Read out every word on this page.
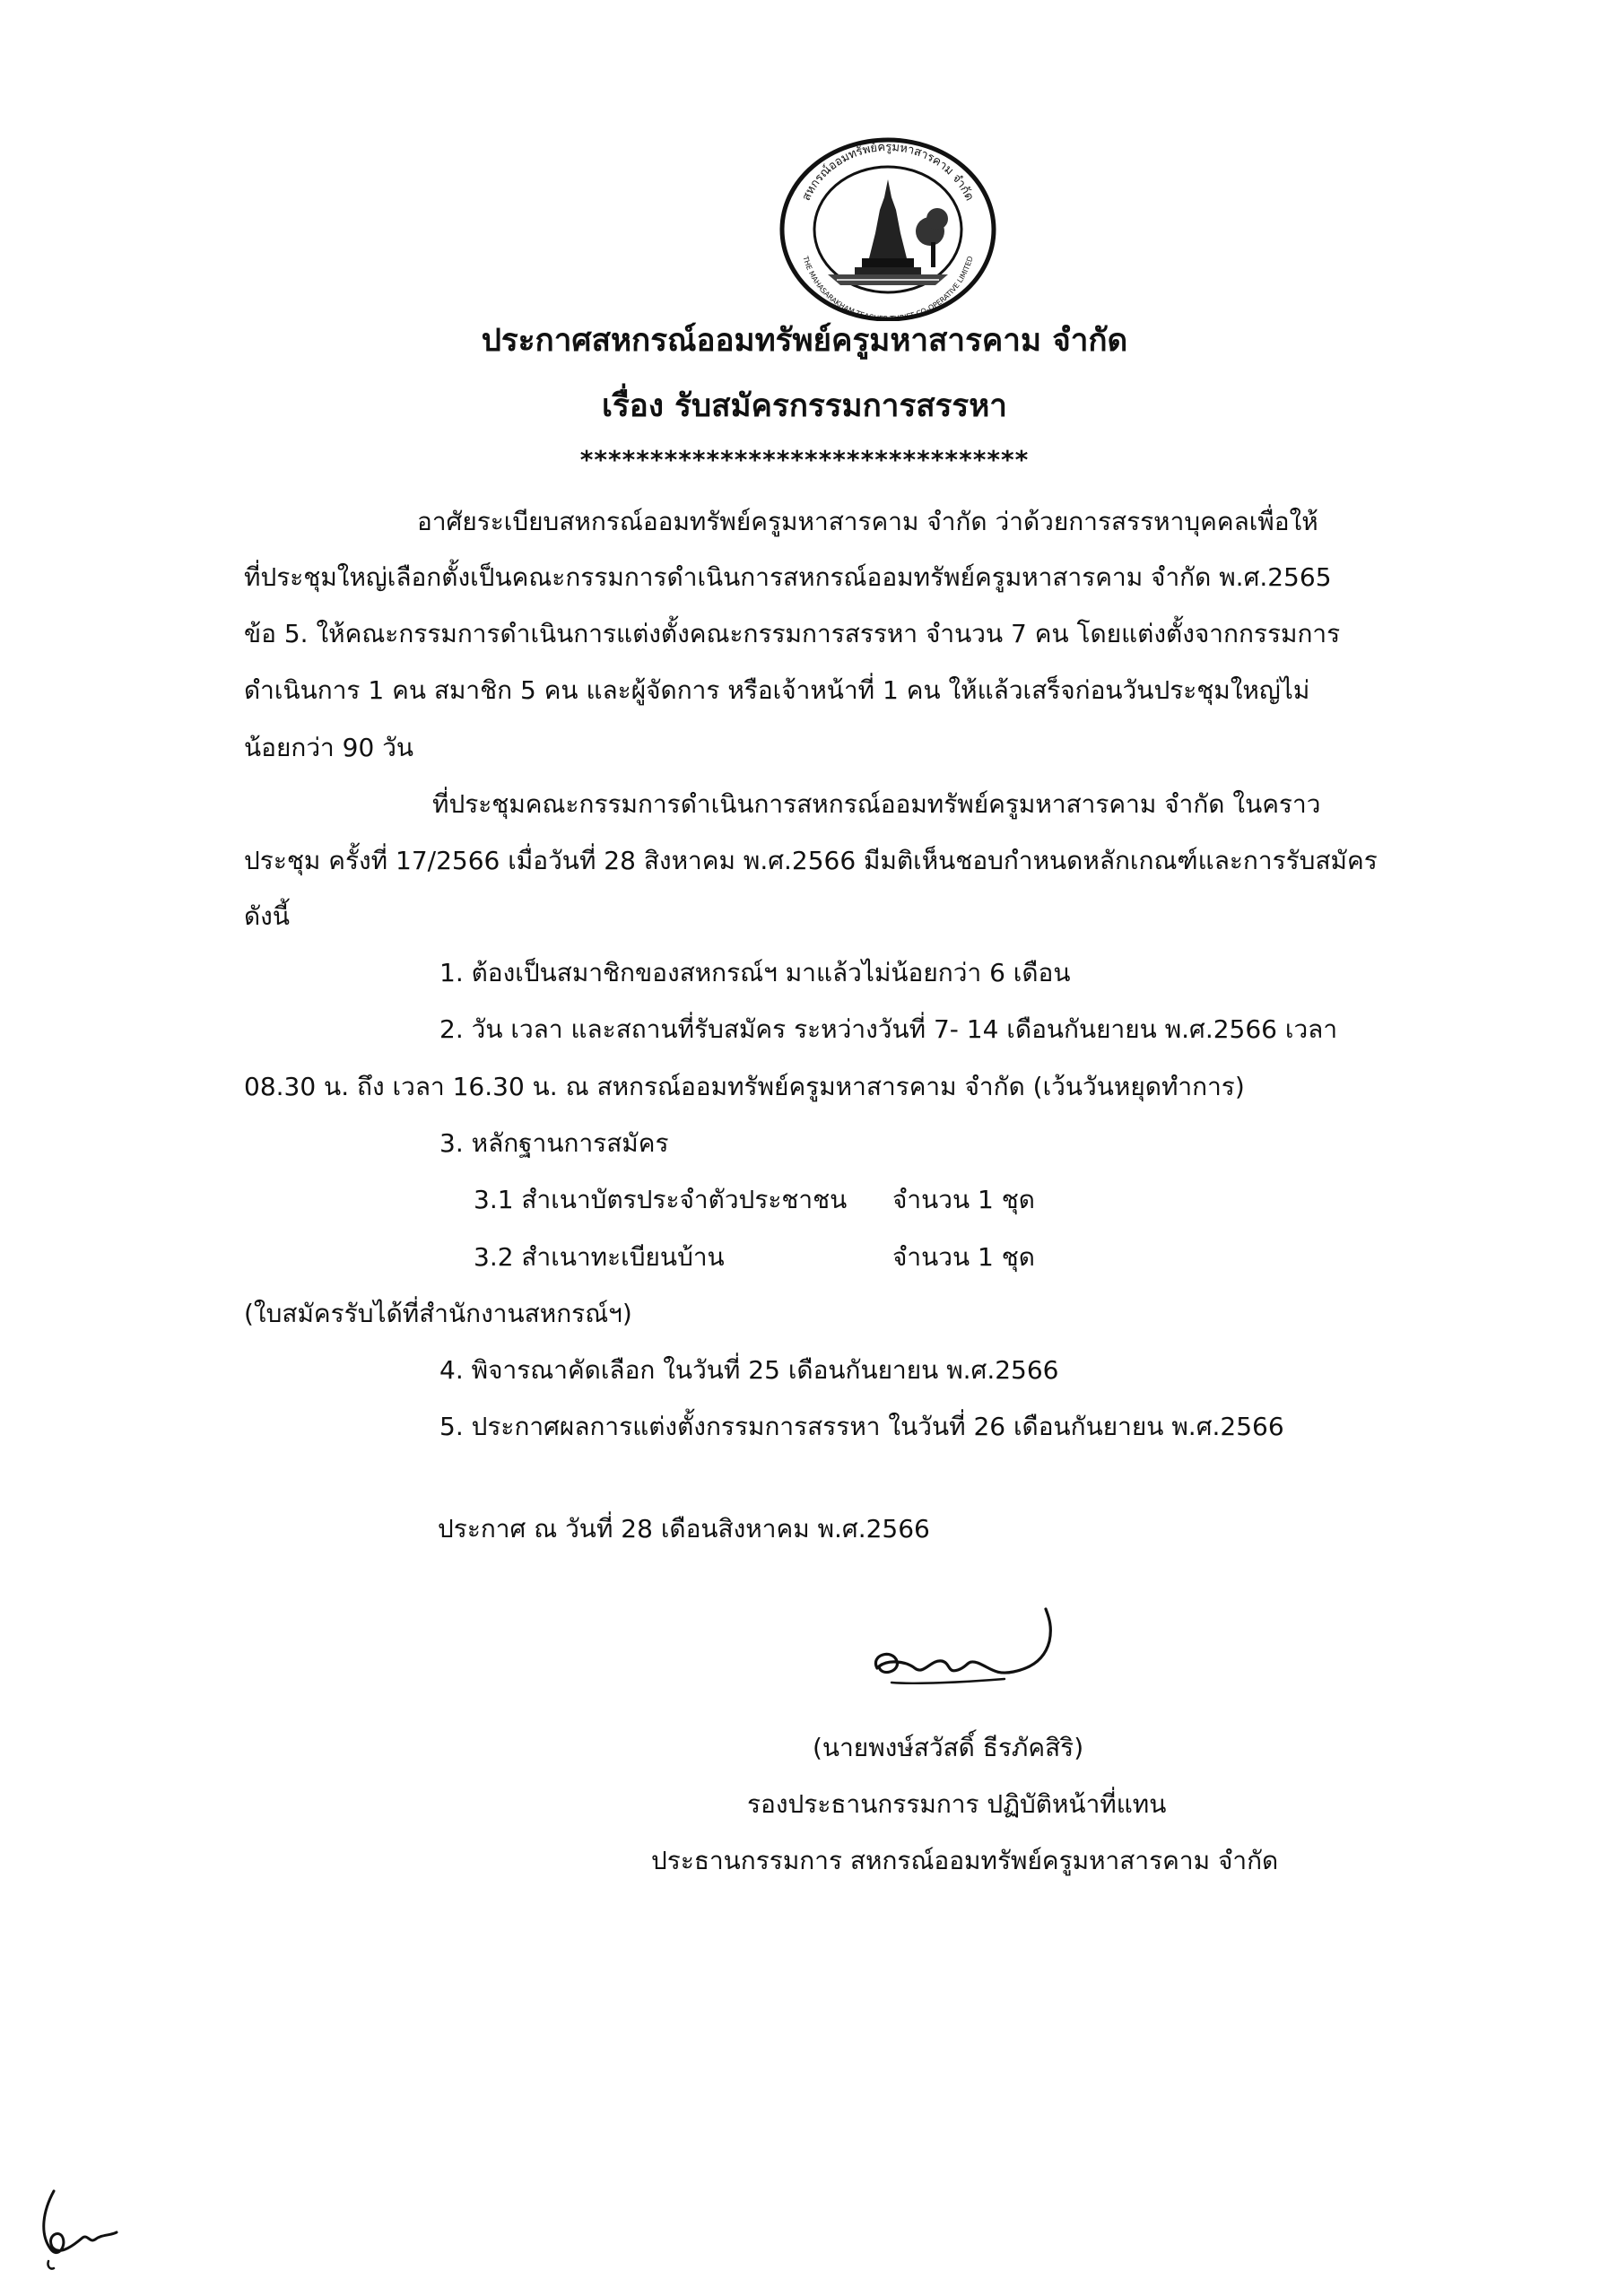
สหกรณ์ออมทรัพย์ครูมหาสารคาม จำกัด
THE MAHASARAKHAM TEACHER THRIFT CO-OPERATIVE LIMITED
ประกาศสหกรณ์ออมทรัพย์ครูมหาสารคาม จำกัด
เรื่อง รับสมัครกรรมการสรรหา
********************************
อาศัยระเบียบสหกรณ์ออมทรัพย์ครูมหาสารคาม จำกัด ว่าด้วยการสรรหาบุคคลเพื่อให้
ที่ประชุมใหญ่เลือกตั้งเป็นคณะกรรมการดำเนินการสหกรณ์ออมทรัพย์ครูมหาสารคาม จำกัด พ.ศ.2565
ข้อ 5. ให้คณะกรรมการดำเนินการแต่งตั้งคณะกรรมการสรรหา จำนวน 7 คน โดยแต่งตั้งจากกรรมการ
ดำเนินการ 1 คน สมาชิก 5 คน และผู้จัดการ หรือเจ้าหน้าที่ 1 คน ให้แล้วเสร็จก่อนวันประชุมใหญ่ไม่
น้อยกว่า 90 วัน
ที่ประชุมคณะกรรมการดำเนินการสหกรณ์ออมทรัพย์ครูมหาสารคาม จำกัด ในคราว
ประชุม ครั้งที่ 17/2566 เมื่อวันที่ 28 สิงหาคม พ.ศ.2566 มีมติเห็นชอบกำหนดหลักเกณฑ์และการรับสมัคร
ดังนี้
1. ต้องเป็นสมาชิกของสหกรณ์ฯ มาแล้วไม่น้อยกว่า 6 เดือน
2. วัน เวลา และสถานที่รับสมัคร ระหว่างวันที่ 7- 14 เดือนกันยายน พ.ศ.2566 เวลา
08.30 น. ถึง เวลา 16.30 น. ณ สหกรณ์ออมทรัพย์ครูมหาสารคาม จำกัด (เว้นวันหยุดทำการ)
3. หลักฐานการสมัคร
3.1 สำเนาบัตรประจำตัวประชาชน จำนวน 1 ชุด
3.2 สำเนาทะเบียนบ้าน	จำนวน 1 ชุด
(ใบสมัครรับได้ที่สำนักงานสหกรณ์ฯ)
4. พิจารณาคัดเลือก ในวันที่ 25 เดือนกันยายน พ.ศ.2566
5. ประกาศผลการแต่งตั้งกรรมการสรรหา ในวันที่ 26 เดือนกันยายน พ.ศ.2566
ประกาศ ณ วันที่ 28 เดือนสิงหาคม พ.ศ.2566
(นายพงษ์สวัสดิ์ ธีรภัคสิริ)
รองประธานกรรมการ ปฏิบัติหน้าที่แทน
ประธานกรรมการ สหกรณ์ออมทรัพย์ครูมหาสารคาม จำกัด
